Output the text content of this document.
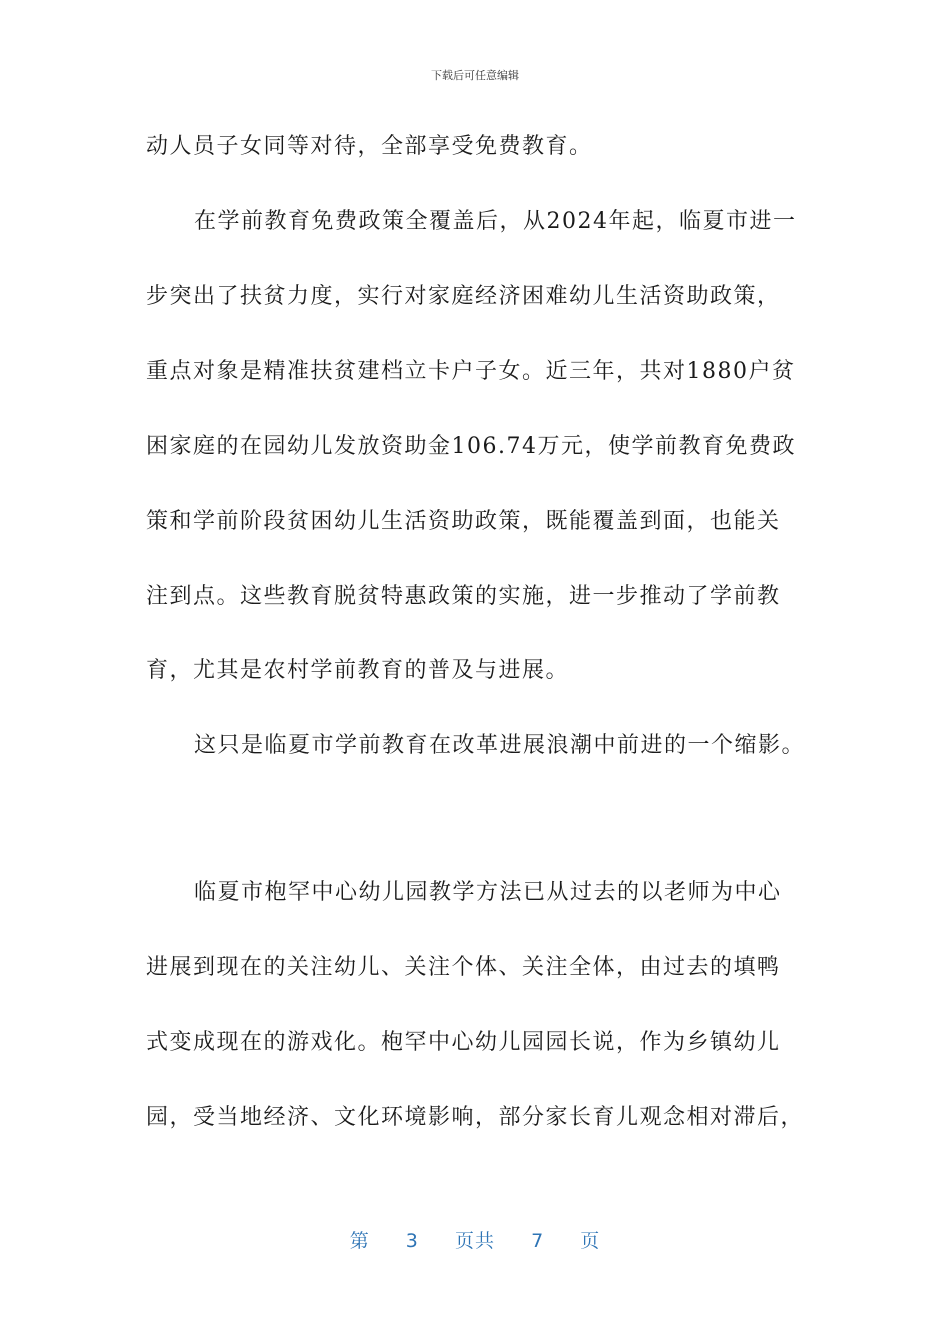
下载后可任意编辑
动人员子女同等对待，全部享受免费教育。
在学前教育免费政策全覆盖后，从2024年起，临夏市进一
步突出了扶贫力度，实行对家庭经济困难幼儿生活资助政策，
重点对象是精准扶贫建档立卡户子女。近三年，共对1880户贫
困家庭的在园幼儿发放资助金106.74万元，使学前教育免费政
策和学前阶段贫困幼儿生活资助政策，既能覆盖到面，也能关
注到点。这些教育脱贫特惠政策的实施，进一步推动了学前教
育，尤其是农村学前教育的普及与进展。
这只是临夏市学前教育在改革进展浪潮中前进的一个缩影。
临夏市枹罕中心幼儿园教学方法已从过去的以老师为中心
进展到现在的关注幼儿、关注个体、关注全体，由过去的填鸭
式变成现在的游戏化。枹罕中心幼儿园园长说，作为乡镇幼儿
园，受当地经济、文化环境影响，部分家长育儿观念相对滞后，
第 3 页共 7 页
